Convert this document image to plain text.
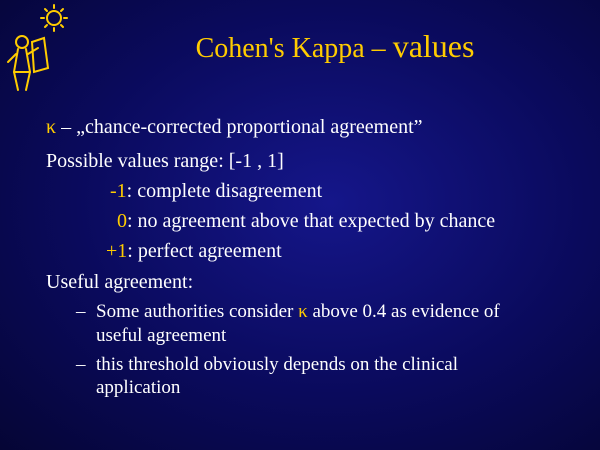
Cohen's Kappa – values
κ – „chance-corrected proportional agreement”
Possible values range: [-1 , 1]
-1: complete disagreement
0: no agreement above that expected by chance
+1: perfect agreement
Useful agreement:
– Some authorities consider κ above 0.4 as evidence of
useful agreement
– this threshold obviously depends on the clinical
application
